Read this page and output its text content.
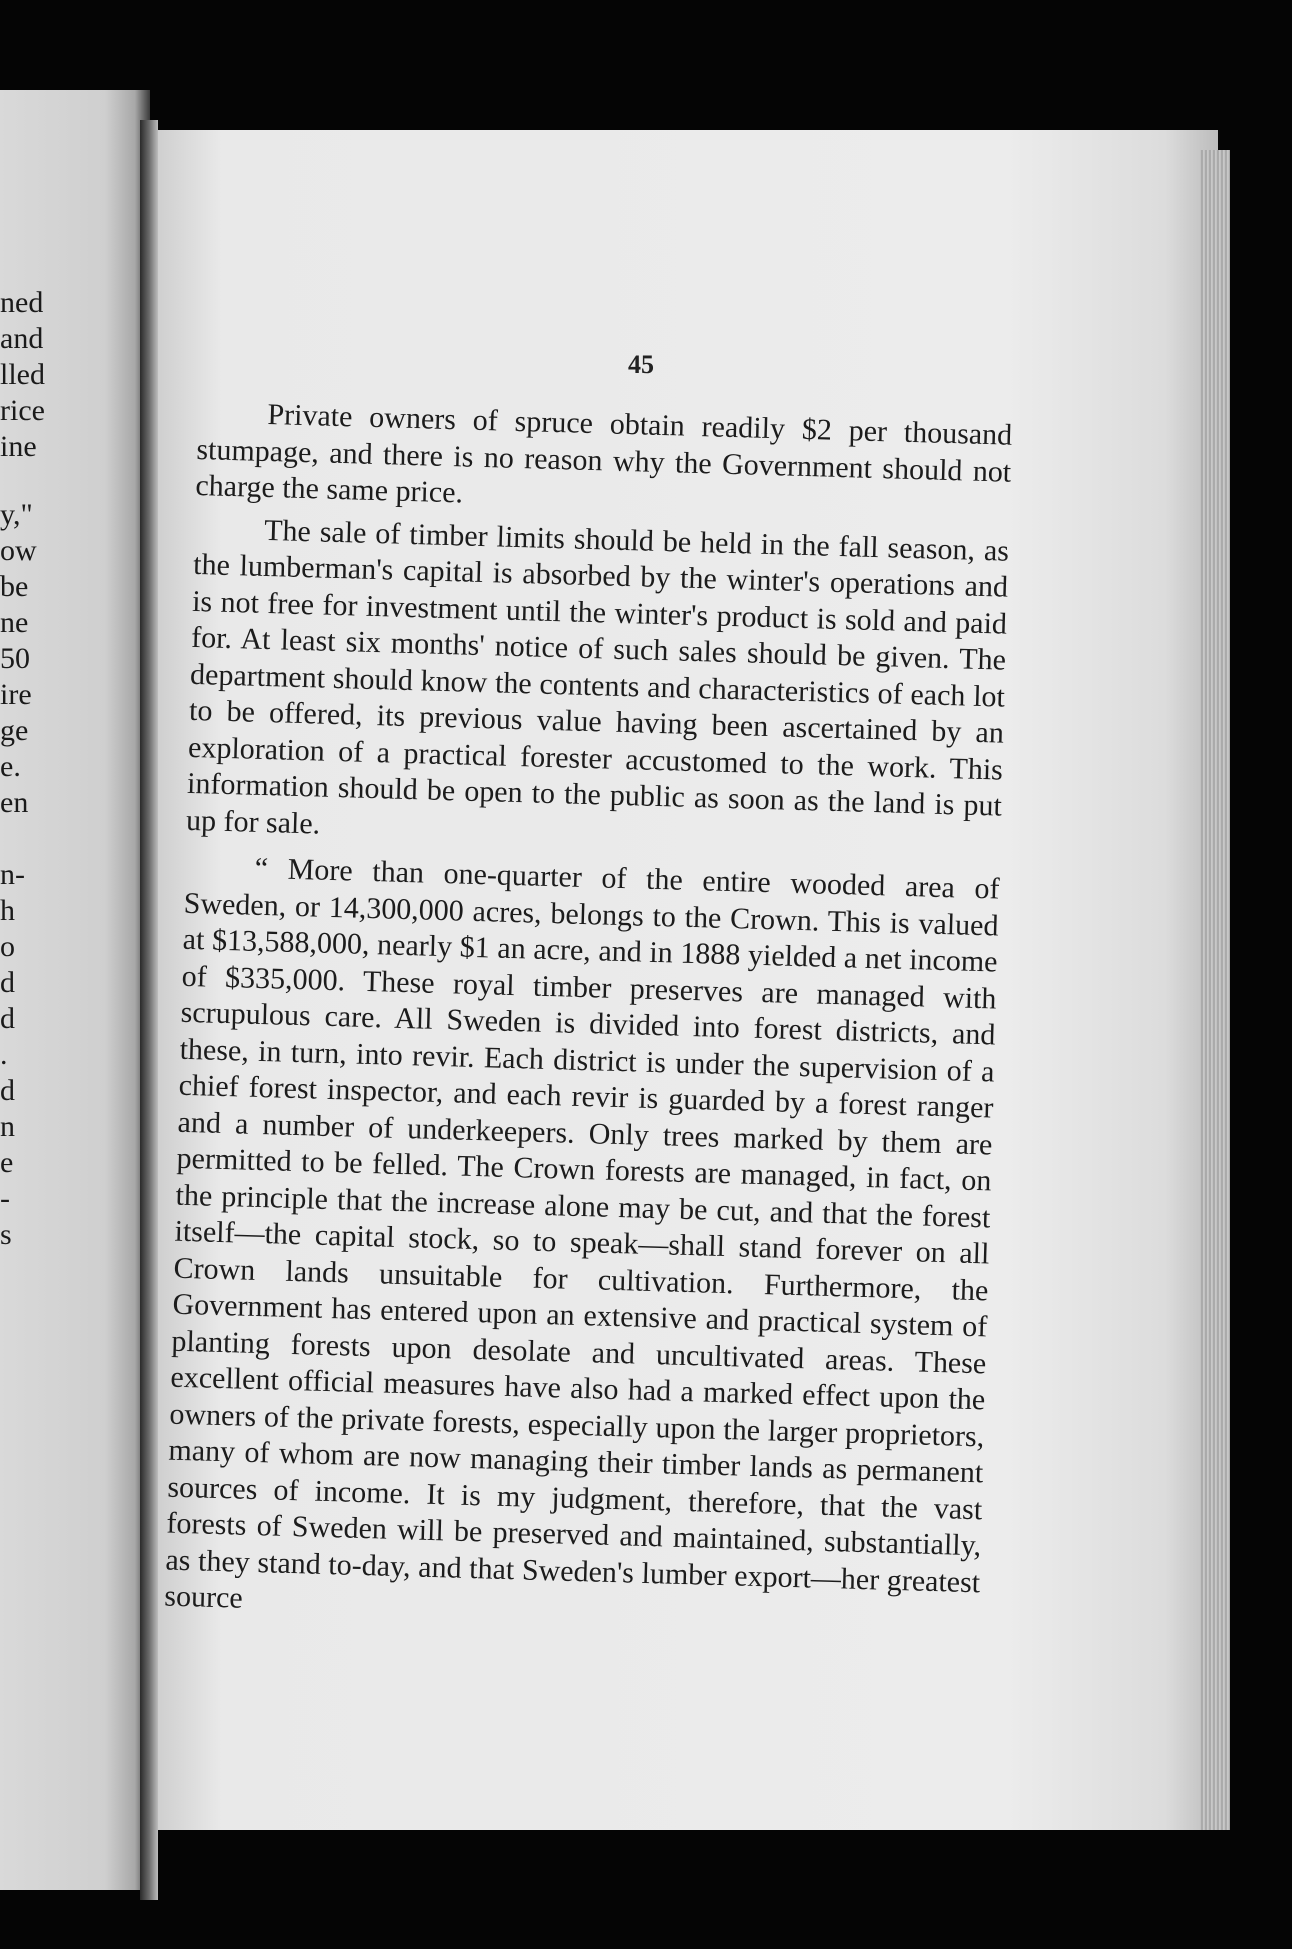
ned
and
lled
rice
ine
y,"
ow
be
ne
50
ire
ge
e.
en
n-
h
o
d
d
.
d
n
e
-
s
45

Private owners of spruce obtain readily $2 per thousand stumpage, and there is no reason why the Government should not charge the same price.

The sale of timber limits should be held in the fall season, as the lumberman's capital is absorbed by the winter's operations and is not free for investment until the winter's product is sold and paid for. At least six months' notice of such sales should be given. The department should know the contents and characteristics of each lot to be offered, its previous value having been ascertained by an exploration of a practical forester accustomed to the work. This information should be open to the public as soon as the land is put up for sale.

“ More than one-quarter of the entire wooded area of Sweden, or 14,300,000 acres, belongs to the Crown. This is valued at $13,588,000, nearly $1 an acre, and in 1888 yielded a net income of $335,000. These royal timber preserves are managed with scrupulous care. All Sweden is divided into forest districts, and these, in turn, into revir. Each district is under the supervision of a chief forest inspector, and each revir is guarded by a forest ranger and a number of underkeepers. Only trees marked by them are permitted to be felled. The Crown forests are managed, in fact, on the principle that the increase alone may be cut, and that the forest itself—the capital stock, so to speak—shall stand forever on all Crown lands unsuitable for cultivation. Furthermore, the Government has entered upon an extensive and practical system of planting forests upon desolate and uncultivated areas. These excellent official measures have also had a marked effect upon the owners of the private forests, especially upon the larger proprietors, many of whom are now managing their timber lands as permanent sources of income. It is my judgment, therefore, that the vast forests of Sweden will be preserved and maintained, substantially, as they stand to-day, and that Sweden's lumber export—her greatest source
